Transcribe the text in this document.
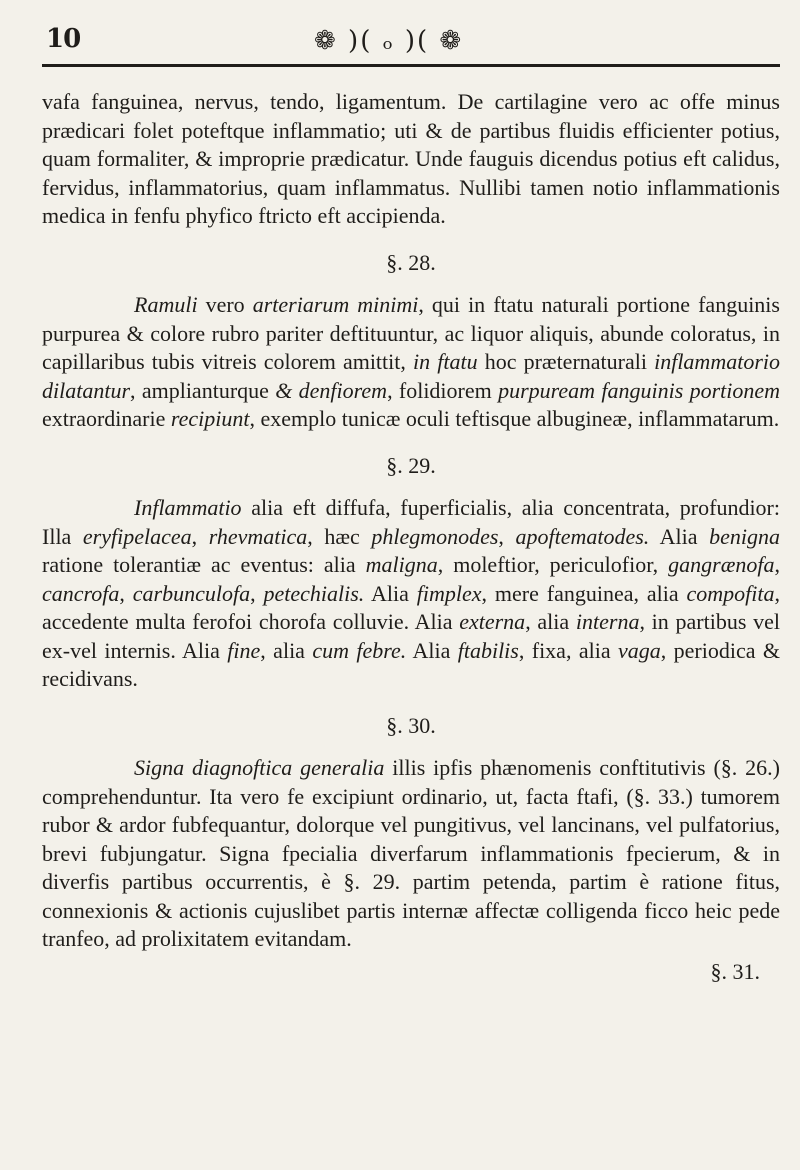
10	❁ )( ₒ )( ❁

vafa fanguinea, nervus, tendo, ligamentum. De cartilagine vero ac offe minus prædicari folet poteftque inflammatio; uti & de partibus fluidis efficienter potius, quam formaliter, & improprie prædicatur. Unde fauguis dicendus potius eft calidus, fervidus, inflammatorius, quam inflammatus. Nullibi tamen notio inflammationis medica in fenfu phyfico ftricto eft accipienda.

§. 28.

Ramuli vero arteriarum minimi, qui in ftatu naturali portione fanguinis purpurea & colore rubro pariter deftituuntur, ac liquor aliquis, abunde coloratus, in capillaribus tubis vitreis colorem amittit, in ftatu hoc præternaturali inflammatorio dilatantur, amplianturque & denfiorem, folidiorem purpuream fanguinis portionem extraordinarie recipiunt, exemplo tunicæ oculi teftisque albugineæ, inflammatarum.

§. 29.

Inflammatio alia eft diffufa, fuperficialis, alia concentrata, profundior: Illa eryfipelacea, rhevmatica, hæc phlegmonodes, apoftematodes. Alia benigna ratione tolerantiæ ac eventus: alia maligna, moleftior, periculofior, gangrænofa, cancrofa, carbunculofa, petechialis. Alia fimplex, mere fanguinea, alia compofita, accedente multa ferofoi chorofa colluvie. Alia externa, alia interna, in partibus vel ex-vel internis. Alia fine, alia cum febre. Alia ftabilis, fixa, alia vaga, periodica & recidivans.

§. 30.

Signa diagnoftica generalia illis ipfis phænomenis conftitutivis (§. 26.) comprehenduntur. Ita vero fe excipiunt ordinario, ut, facta ftafi, (§. 33.) tumorem rubor & ardor fubfequantur, dolorque vel pungitivus, vel lancinans, vel pulfatorius, brevi fubjungatur. Signa fpecialia diverfarum inflammationis fpecierum, & in diverfis partibus occurrentis, è §. 29. partim petenda, partim è ratione fitus, connexionis & actionis cujuslibet partis internæ affectæ colligenda ficco heic pede tranfeo, ad prolixitatem evitandam.

§. 31.
